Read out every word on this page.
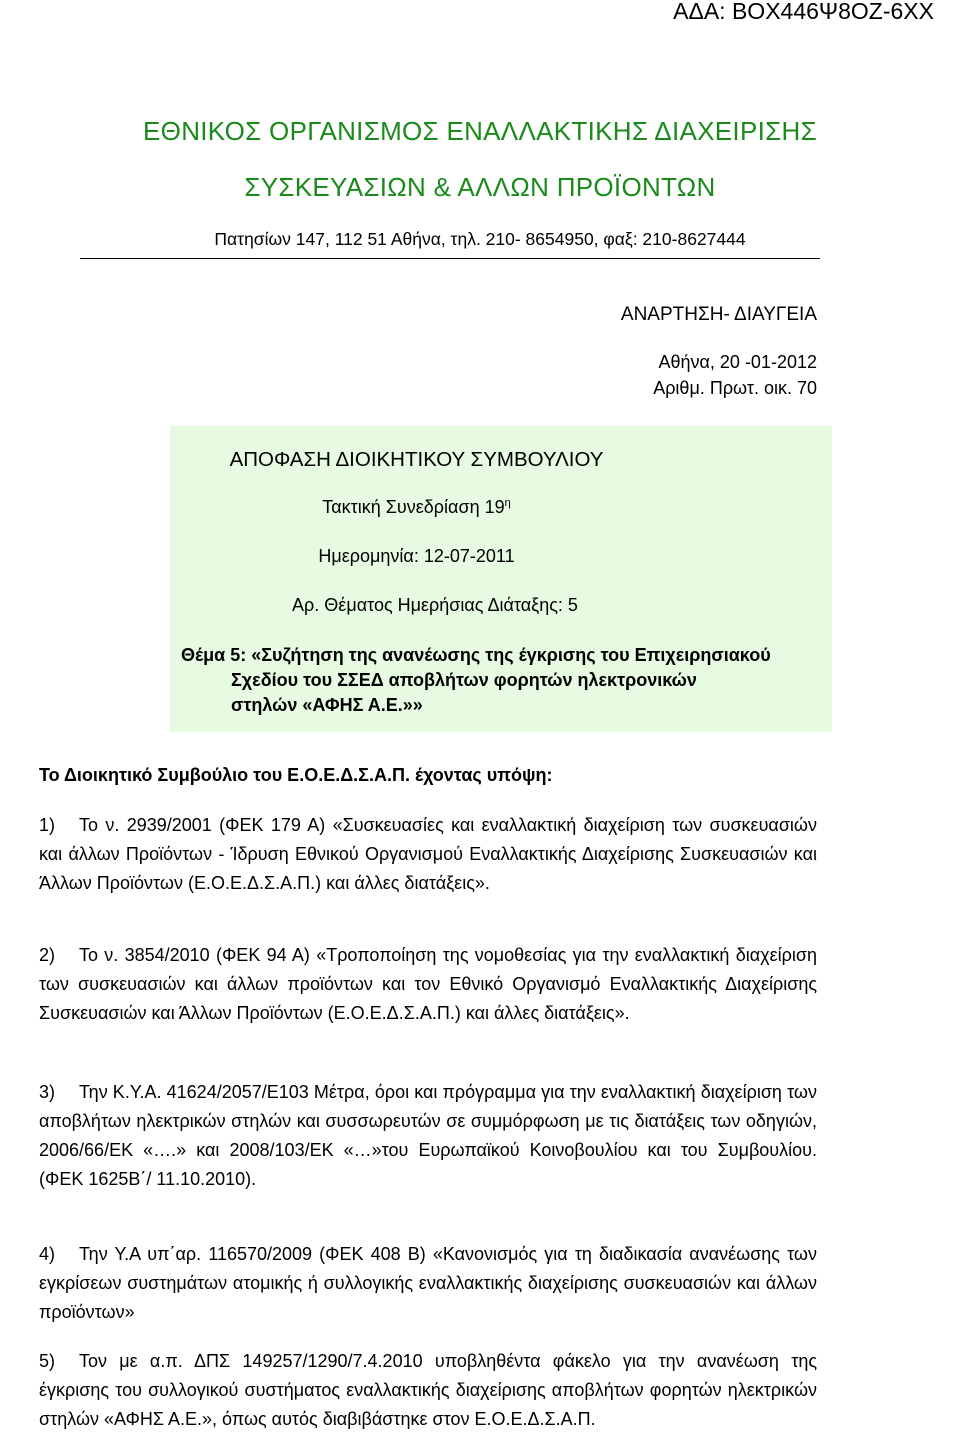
ΑΔΑ: ΒΟΧ446Ψ8ΟΖ-6ΧΧ
ΕΘΝΙΚΟΣ ΟΡΓΑΝΙΣΜΟΣ ΕΝΑΛΛΑΚΤΙΚΗΣ ΔΙΑΧΕΙΡΙΣΗΣ
ΣΥΣΚΕΥΑΣΙΩΝ & ΑΛΛΩΝ ΠΡΟΪΟΝΤΩΝ
Πατησίων 147, 112 51 Αθήνα, τηλ. 210- 8654950, φαξ: 210-8627444
ΑΝΑΡΤΗΣΗ- ΔΙΑΥΓΕΙΑ
Αθήνα, 20 -01-2012
Αριθμ. Πρωτ. οικ. 70
ΑΠΟΦΑΣΗ ΔΙΟΙΚΗΤΙΚΟΥ ΣΥΜΒΟΥΛΙΟΥ
Τακτική Συνεδρίαση $19^\eta$
Ημερομηνία: 12-07-2011
Αρ. Θέματος Ημερήσιας Διάταξης: 5
Θέμα 5: «Συζήτηση της ανανέωσης της έγκρισης του Επιχειρησιακού
Σχεδίου του ΣΣΕΔ αποβλήτων φορητών ηλεκτρονικών
στηλών «ΑΦΗΣ Α.Ε.»»
Το Διοικητικό Συμβούλιο του Ε.Ο.Ε.Δ.Σ.Α.Π. έχοντας υπόψη:
1) Το ν. 2939/2001 (ΦΕΚ 179 Α) «Συσκευασίες και εναλλακτική διαχείριση των συσκευασιών και άλλων Προϊόντων - Ίδρυση Εθνικού Οργανισμού Εναλλακτικής Διαχείρισης Συσκευασιών και Άλλων Προϊόντων (Ε.Ο.Ε.Δ.Σ.Α.Π.) και άλλες διατάξεις».
2) Το ν. 3854/2010 (ΦΕΚ 94 Α) «Τροποποίηση της νομοθεσίας για την εναλλακτική διαχείριση των συσκευασιών και άλλων προϊόντων και τον Εθνικό Οργανισμό Εναλλακτικής Διαχείρισης Συσκευασιών και Άλλων Προϊόντων (Ε.Ο.Ε.Δ.Σ.Α.Π.) και άλλες διατάξεις».
3) Την Κ.Υ.Α. 41624/2057/Ε103 Μέτρα, όροι και πρόγραμμα για την εναλλακτική διαχείριση των αποβλήτων ηλεκτρικών στηλών και συσσωρευτών σε συμμόρφωση με τις διατάξεις των οδηγιών, 2006/66/ΕΚ «….» και 2008/103/ΕΚ «…»του Ευρωπαϊκού Κοινοβουλίου και του Συμβουλίου. (ΦΕΚ 1625Β΄/ 11.10.2010).
4) Την Υ.Α υπ΄αρ. 116570/2009 (ΦΕΚ 408 Β) «Κανονισμός για τη διαδικασία ανανέωσης των εγκρίσεων συστημάτων ατομικής ή συλλογικής εναλλακτικής διαχείρισης συσκευασιών και άλλων προϊόντων»
5) Τον με α.π. ΔΠΣ 149257/1290/7.4.2010 υποβληθέντα φάκελο για την ανανέωση της έγκρισης του συλλογικού συστήματος εναλλακτικής διαχείρισης αποβλήτων φορητών ηλεκτρικών στηλών «ΑΦΗΣ Α.Ε.», όπως αυτός διαβιβάστηκε στον Ε.Ο.Ε.Δ.Σ.Α.Π.
